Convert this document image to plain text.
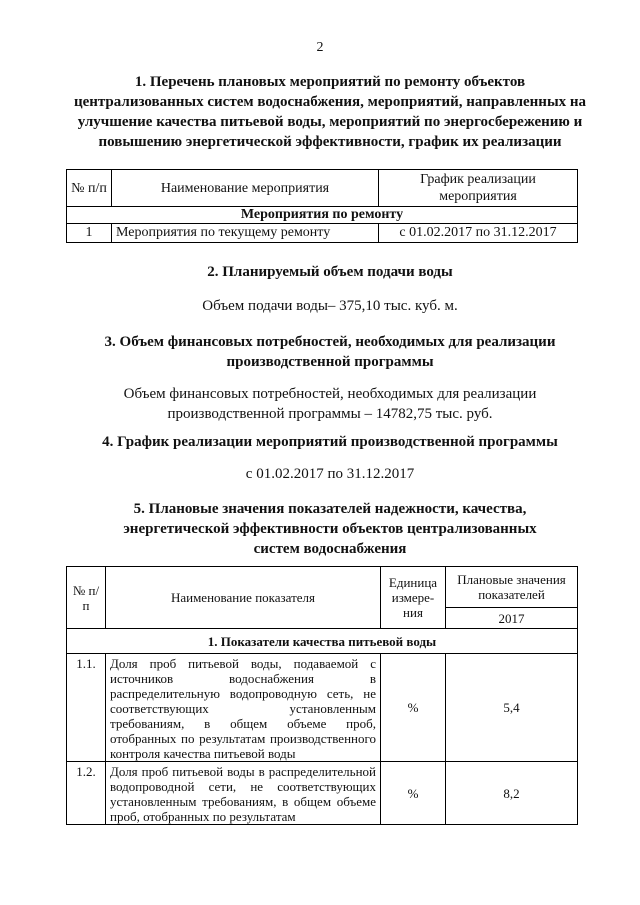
2
1. Перечень плановых мероприятий по ремонту объектов
централизованных систем водоснабжения, мероприятий, направленных на
улучшение качества питьевой воды, мероприятий по энергосбережению и
повышению энергетической эффективности, график их реализации
№ п/п	Наименование мероприятия	График реализации мероприятия
Мероприятия по ремонту		
1	Мероприятия по текущему ремонту	с 01.02.2017 по 31.12.2017
2. Планируемый объем подачи воды
Объем подачи воды– 375,10 тыс. куб. м.
3. Объем финансовых потребностей, необходимых для реализации
производственной программы
Объем финансовых потребностей, необходимых для реализации
производственной программы – 14782,75 тыс. руб.
4. График реализации мероприятий производственной программы
с 01.02.2017 по 31.12.2017
5. Плановые значения показателей надежности, качества,
энергетической эффективности объектов централизованных
систем водоснабжения
№ п/п	Наименование показателя	Единица измере-ния	Плановые значения показателей
			2017
1. Показатели качества питьевой воды			
1.1.	Доля проб питьевой воды, подаваемой с источников водоснабжения в распределительную водопроводную сеть, не соответствующих установленным требованиям, в общем объеме проб, отобранных по результатам производственного контроля качества питьевой воды	%	5,4
1.2.	Доля проб питьевой воды в распределительной водопроводной сети, не соответствующих установленным требованиям, в общем объеме проб, отобранных по результатам	%	8,2
